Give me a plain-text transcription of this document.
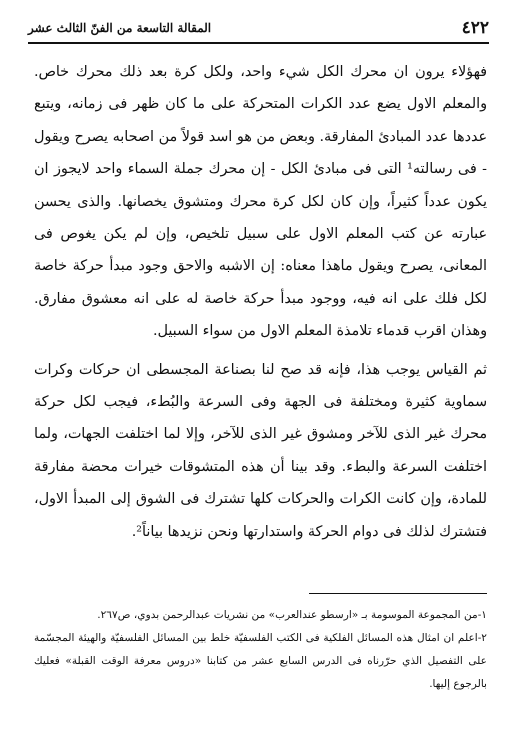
٤٢٢
المقالة التاسعة من الفنّ الثالث عشر

فهؤلاء يرون ان محرك الكل شيء واحد، ولكل كرة بعد ذلك محرك خاص. والمعلم الاول يضع عدد الكرات المتحركة على ما كان ظهر فى زمانه، ويتبع عددها عدد المبادئ المفارقة. وبعض من هو اسد قولاً من اصحابه يصرح ويقول - فى رسالته¹ التى فى مبادئ الكل - إن محرك جملة السماء واحد لايجوز ان يكون عدداً كثيراً، وإن كان لكل كرة محرك ومتشوق يخصانها. والذى يحسن عبارته عن كتب المعلم الاول على سبيل تلخيص، وإن لم يكن يغوص فى المعانى، يصرح ويقول ماهذا معناه: إن الاشبه والاحق وجود مبدأ حركة خاصة لكل فلك على انه فيه، ووجود مبدأ حركة خاصة له على انه معشوق مفارق. وهذان اقرب قدماء تلامذة المعلم الاول من سواء السبيل.

ثم القياس يوجب هذا، فإنه قد صح لنا بصناعة المجسطى ان حركات وكرات سماوية كثيرة ومختلفة فى الجهة وفى السرعة والبُطء، فيجب لكل حركة محرك غير الذى للآخر ومشوق غير الذى للآخر، وإلا لما اختلفت الجهات، ولما اختلفت السرعة والبطء. وقد بينا أن هذه المتشوقات خيرات محضة مفارقة للمادة، وإن كانت الكرات والحركات كلها تشترك فى الشوق إلى المبدأ الاول، فتشترك لذلك فى دوام الحركة واستدارتها ونحن نزيدها بياناً².

١-من المجموعة الموسومة بـ «ارسطو عندالعرب» من نشريات عبدالرحمن بدوي، ص٢٦٧.

٢-اعلم ان امثال هذه المسائل الفلكية فى الكتب الفلسفيّة خلط بين المسائل الفلسفيّة والهيئة المجسّمة على التفصيل الذي حرّرناه فى الدرس السابع عشر من كتابنا «دروس معرفة الوقت القبلة» فعليك بالرجوع إليها.
